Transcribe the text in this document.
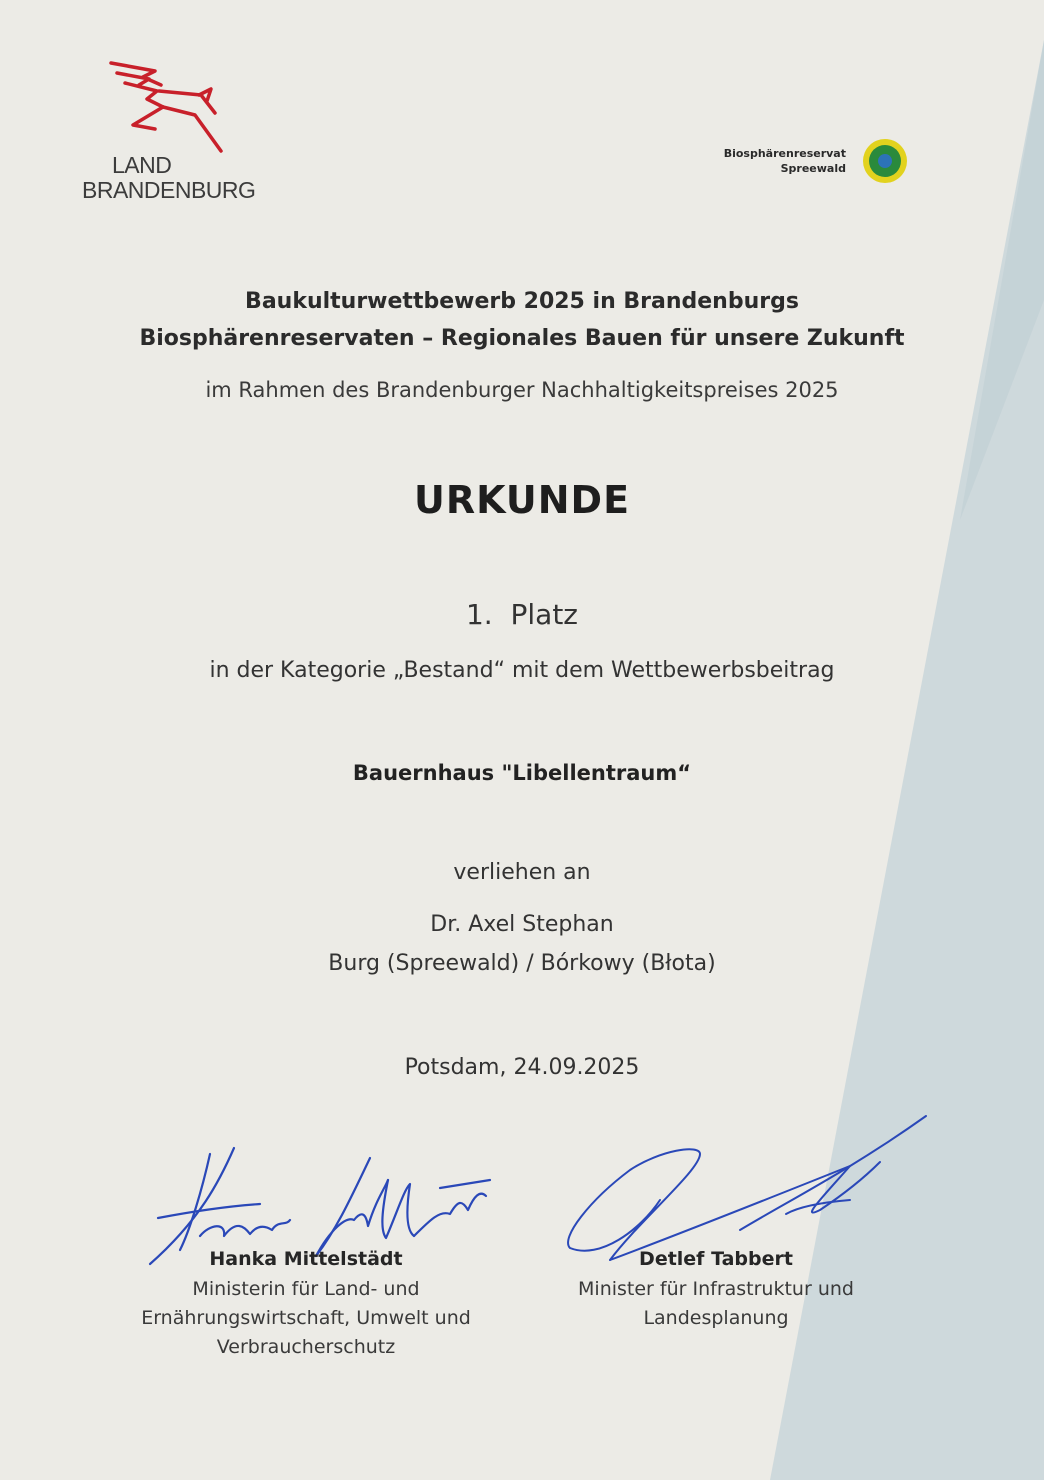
LAND
BRANDENBURG
Biosphärenreservat
Spreewald
Baukulturwettbewerb 2025 in Brandenburgs
Biosphärenreservaten – Regionales Bauen für unsere Zukunft
im Rahmen des Brandenburger Nachhaltigkeitspreises 2025
URKUNDE
1.  Platz
in der Kategorie „Bestand“ mit dem Wettbewerbsbeitrag
Bauernhaus "Libellentraum“
verliehen an
Dr. Axel Stephan
Burg (Spreewald) / Bórkowy (Błota)
Potsdam, 24.09.2025
Hanka Mittelstädt
Ministerin für Land- und
Ernährungswirtschaft, Umwelt und
Verbraucherschutz
Detlef Tabbert
Minister für Infrastruktur und
Landesplanung
